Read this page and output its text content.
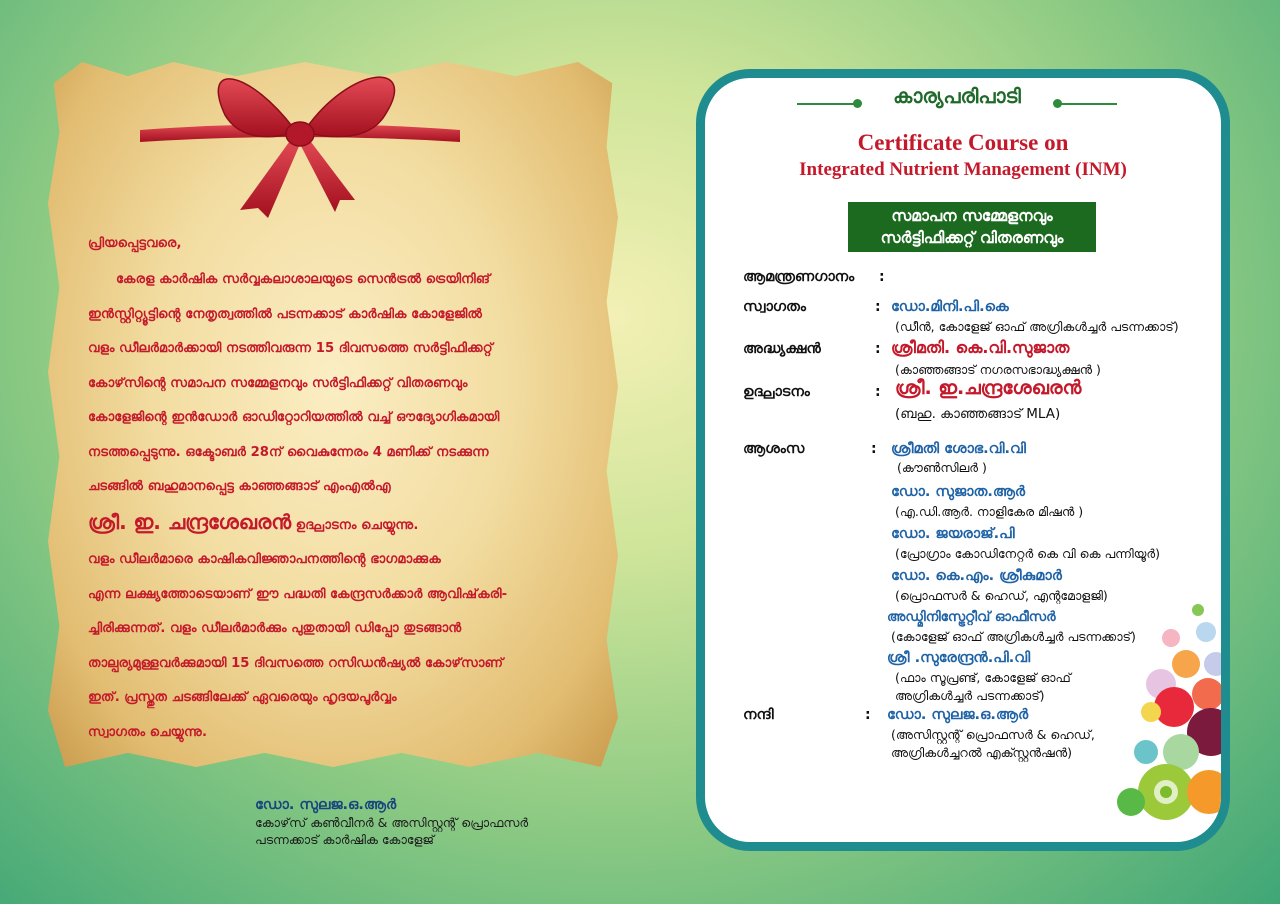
പ്രിയപ്പെട്ടവരെ,

കേരള കാർഷിക സർവ്വകലാശാലയുടെ സെൻട്രൽ ട്രെയിനിങ്

ഇൻസ്റ്റിറ്റ്യൂട്ടിന്റെ നേതൃത്വത്തിൽ പടന്നക്കാട് കാർഷിക കോളേജിൽ

വളം ഡീലർമാർക്കായി നടത്തിവരുന്ന 15 ദിവസത്തെ സർട്ടിഫിക്കറ്റ്

കോഴ്‌സിന്റെ സമാപന സമ്മേളനവും സർട്ടിഫിക്കറ്റ് വിതരണവും

കോളേജിന്റെ ഇൻഡോർ ഓഡിറ്റോറിയത്തിൽ വച്ച് ഔദ്യോഗികമായി

നടത്തപ്പെടുന്നു. ഒക്ടോബർ 28ന് വൈകുന്നേരം 4 മണിക്ക് നടക്കുന്ന

ചടങ്ങിൽ ബഹുമാനപ്പെട്ട കാഞ്ഞങ്ങാട് എംഎൽഎ

ശ്രീ. ഇ. ചന്ദ്രശേഖരൻ ഉദ്ഘാടനം ചെയ്യുന്നു.

വളം ഡീലർമാരെ കാഷികവിജ്ഞാപനത്തിന്റെ ഭാഗമാക്കുക

എന്ന ലക്ഷ്യത്തോടെയാണ് ഈ പദ്ധതി കേന്ദ്രസർക്കാർ ആവിഷ്‌കരി-

ച്ചിരിക്കുന്നത്. വളം ഡീലർമാർക്കും പുതുതായി ഡിപ്പോ തുടങ്ങാൻ

താല്പര്യമുള്ളവർക്കുമായി 15 ദിവസത്തെ റസിഡൻഷ്യൽ കോഴ്‌സാണ്

ഇത്. പ്രസ്തുത ചടങ്ങിലേക്ക് ഏവരെയും ഹൃദയപൂർവ്വം

സ്വാഗതം ചെയ്യുന്നു.

ഡോ. സുലജ.ഒ.ആർ
കോഴ്‌സ് കൺവീനർ & അസിസ്റ്റന്റ് പ്രൊഫസർ
പടന്നക്കാട് കാർഷിക കോളേജ്
കാര്യപരിപാടി
Certificate Course on
Integrated Nutrient Management (INM)
സമാപന സമ്മേളനവും
സർട്ടിഫിക്കറ്റ് വിതരണവും
ആമന്ത്രണഗാനം :
സ്വാഗതം	: ഡോ.മിനി.പി.കെ
(ഡീൻ, കോളേജ് ഓഫ് അഗ്രികൾച്ചർ പടന്നക്കാട്)
അദ്ധ്യക്ഷൻ	: ശ്രീമതി. കെ.വി.സുജാത
(കാഞ്ഞങ്ങാട് നഗരസഭാദ്ധ്യക്ഷൻ )
ഉദ്ഘാടനം	: ശ്രീ. ഇ.ചന്ദ്രശേഖരൻ
(ബഹു. കാഞ്ഞങ്ങാട് MLA)
ആശംസ	: ശ്രീമതി ശോഭ.വി.വി
(കൗൺസിലർ )
ഡോ. സുജാത.ആർ
(എ.ഡി.ആർ. നാളികേര മിഷൻ )
ഡോ. ജയരാജ്.പി
(പ്രോഗ്രാം കോഡിനേറ്റർ കെ വി കെ പന്നിയൂർ)
ഡോ. കെ.എം. ശ്രീകുമാർ
(പ്രൊഫസർ & ഹെഡ്, എന്റമോളജി)
അഡ്മിനിസ്ട്രേറ്റീവ് ഓഫീസർ
(കോളേജ് ഓഫ് അഗ്രികൾച്ചർ പടന്നക്കാട്)
ശ്രീ .സുരേന്ദ്രൻ.പി.വി
(ഫാം സൂപ്രണ്ട്, കോളേജ് ഓഫ്
അഗ്രികൾച്ചർ പടന്നക്കാട്)
നന്ദി	: ഡോ. സുലജ.ഒ.ആർ
(അസിസ്റ്റന്റ് പ്രൊഫസർ & ഹെഡ്,
അഗ്രികൾച്ചറൽ എക്സ്റ്റൻഷൻ)
